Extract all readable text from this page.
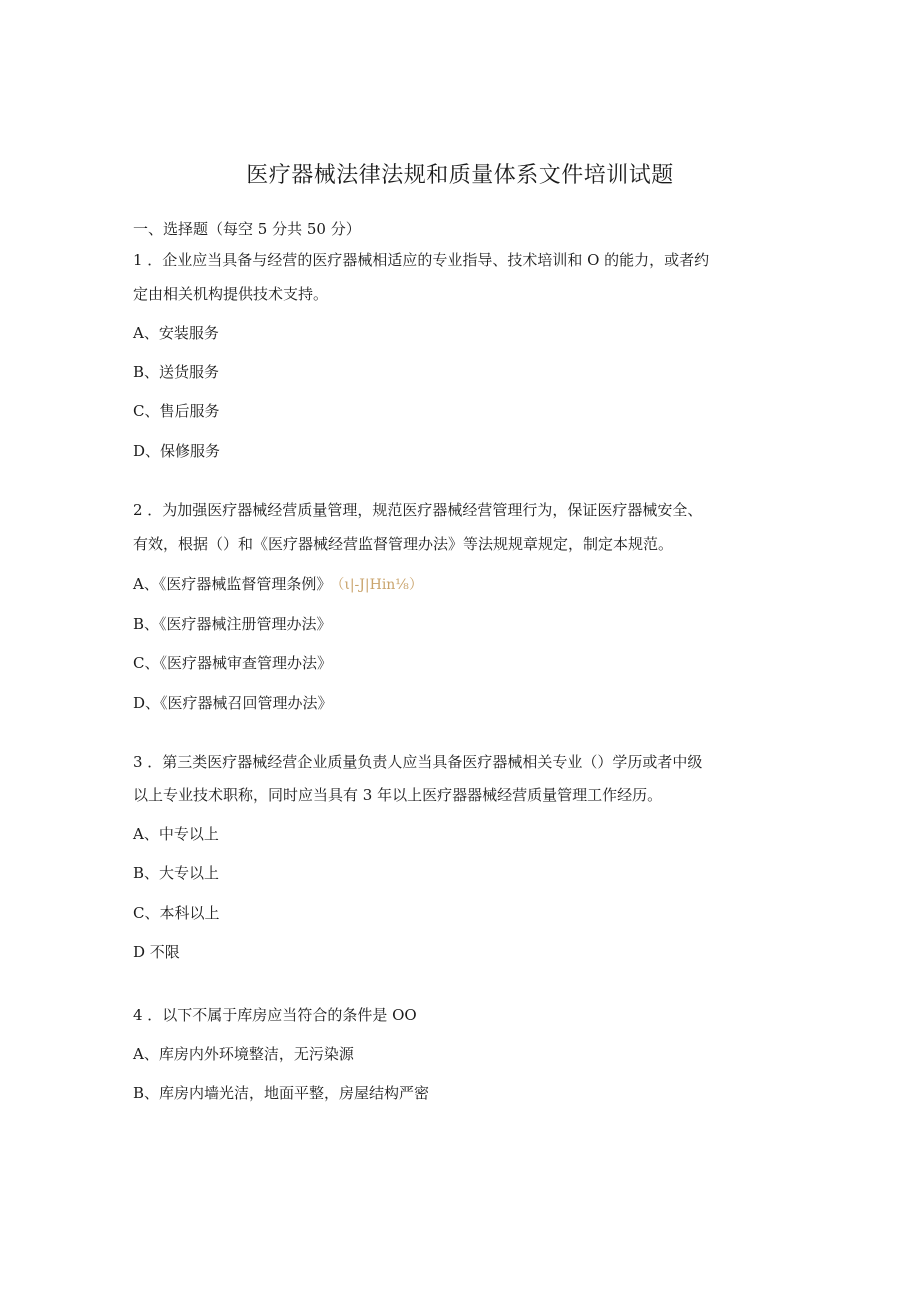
医疗器械法律法规和质量体系文件培训试题
一、选择题（每空 5 分共 50 分）
1 ．企业应当具备与经营的医疗器械相适应的专业指导、技术培训和 O 的能力，或者约
定由相关机构提供技术支持。
A、安装服务
B、送货服务
C、售后服务
D、保修服务
2 ．为加强医疗器械经营质量管理，规范医疗器械经营管理行为，保证医疗器械安全、
有效，根据（）和《医疗器械经营监督管理办法》等法规规章规定，制定本规范。
A、《医疗器械监督管理条例》 （ι|-J|Hin⅛）
B、《医疗器械注册管理办法》
C、《医疗器械审查管理办法》
D、《医疗器械召回管理办法》
3 ．第三类医疗器械经营企业质量负责人应当具备医疗器械相关专业（）学历或者中级
以上专业技术职称，同时应当具有 3 年以上医疗器器械经营质量管理工作经历。
A、中专以上
B、大专以上
C、本科以上
D 不限
4 ．以下不属于库房应当符合的条件是 OO
A、库房内外环境整洁，无污染源
B、库房内墙光洁，地面平整，房屋结构严密
